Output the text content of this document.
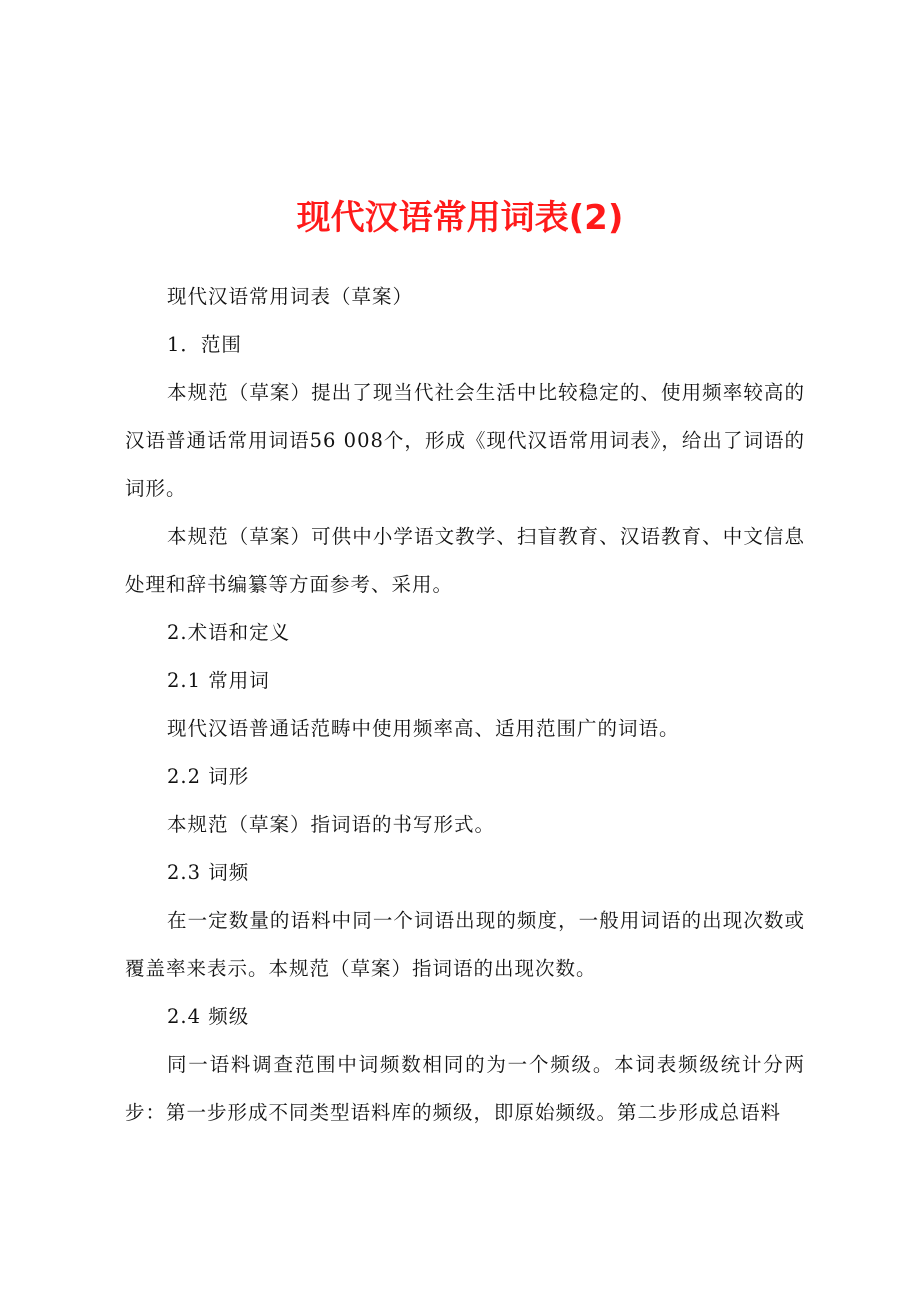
现代汉语常用词表(2)

现代汉语常用词表（草案）

1．范围

本规范（草案）提出了现当代社会生活中比较稳定的、使用频率较高的汉语普通话常用词语56 008个，形成《现代汉语常用词表》，给出了词语的词形。

本规范（草案）可供中小学语文教学、扫盲教育、汉语教育、中文信息处理和辞书编纂等方面参考、采用。

2.术语和定义

2.1 常用词

现代汉语普通话范畴中使用频率高、适用范围广的词语。

2.2 词形

本规范（草案）指词语的书写形式。

2.3 词频

在一定数量的语料中同一个词语出现的频度，一般用词语的出现次数或覆盖率来表示。本规范（草案）指词语的出现次数。

2.4 频级

同一语料调查范围中词频数相同的为一个频级。本词表频级统计分两步：第一步形成不同类型语料库的频级，即原始频级。第二步形成总语料
